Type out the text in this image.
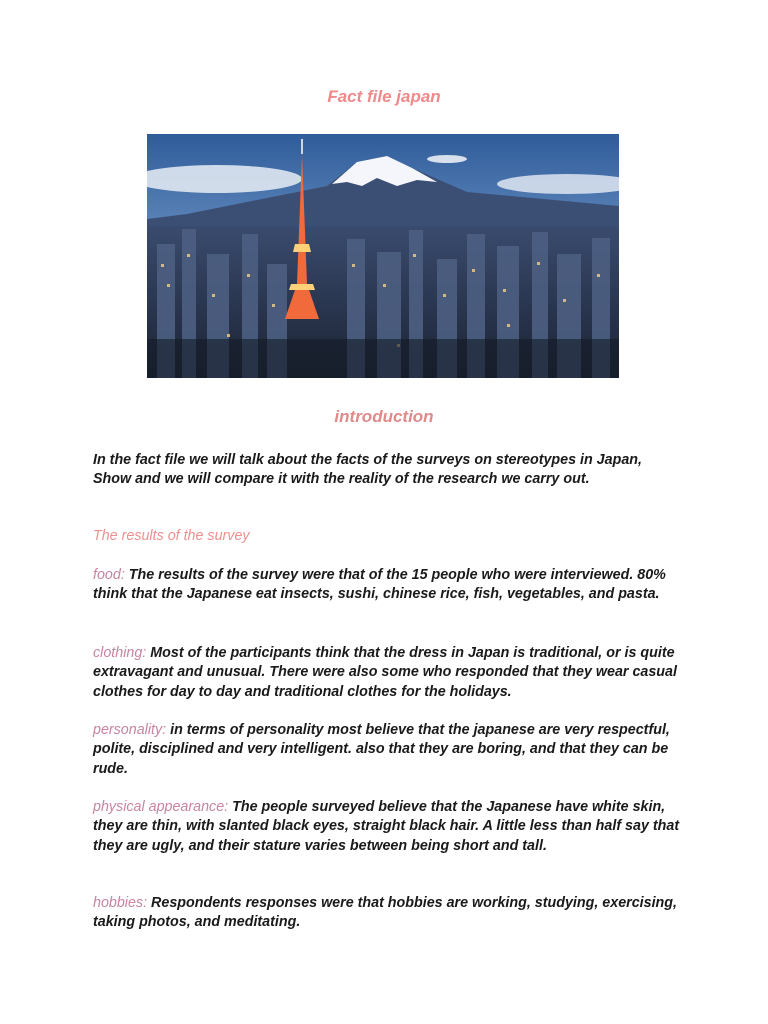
Fact file japan
introduction
In the fact file we will talk about the facts of the surveys on stereotypes in Japan, Show and we will compare it with the reality of the research we carry out.
The results of the survey
food: The results of the survey were that of the 15 people who were interviewed. 80% think that the Japanese eat insects, sushi, chinese rice, fish, vegetables, and pasta.
clothing: Most of the participants think that the dress in Japan is traditional, or is quite extravagant and unusual. There were also some who responded that they wear casual clothes for day to day and traditional clothes for the holidays.
personality: in terms of personality most believe that the japanese are very respectful, polite, disciplined and very intelligent. also that they are boring, and that they can be rude.
physical appearance: The people surveyed believe that the Japanese have white skin, they are thin, with slanted black eyes, straight black hair. A little less than half say that they are ugly, and their stature varies between being short and tall.
hobbies: Respondents responses were that hobbies are working, studying, exercising, taking photos, and meditating.
